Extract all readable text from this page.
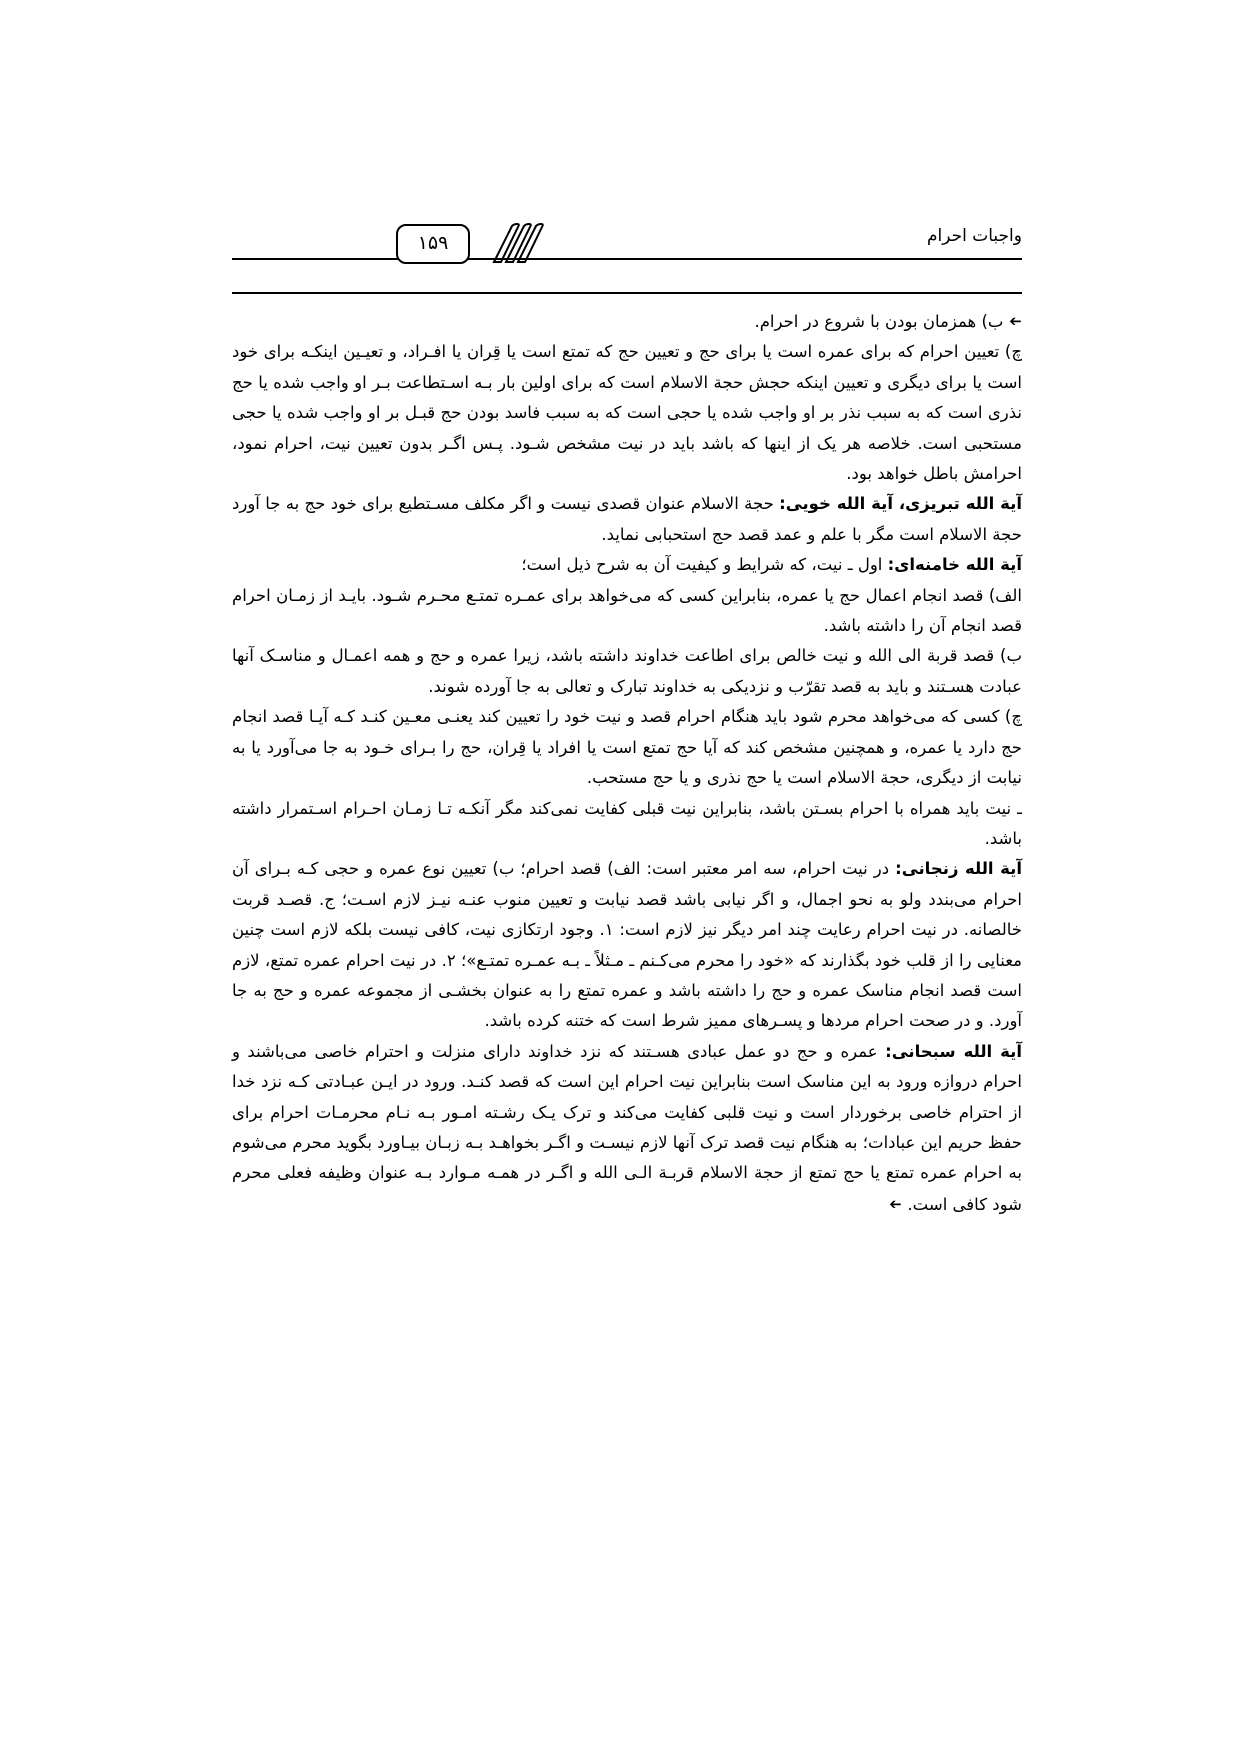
۱۵۹	واجبات احرام

➔ ب) همزمان بودن با شروع در احرام.

چ) تعیین احرام که برای عمره است یا برای حج و تعیین حج که تمتع است یا قِران یا افـراد، و تعیـین اینکـه برای خود است یا برای دیگری و تعیین اینکه حجش حجة الاسلام است که برای اولین بار بـه اسـتطاعت بـر او واجب شده یا حج نذری است که به سبب نذر بر او واجب شده یا حجی است که به سبب فاسد بودن حج قبـل بر او واجب شده یا حجی مستحبی است. خلاصه هر یک از اینها که باشد باید در نیت مشخص شـود. پـس اگـر بدون تعیین نیت، احرام نمود، احرامش باطل خواهد بود.

آیة الله تبریزی، آیة الله خویی: حجة الاسلام عنوان قصدی نیست و اگر مکلف مسـتطیع برای خود حج به جا آورد حجة الاسلام است مگر با علم و عمد قصد حج استحبابی نماید.

آیة الله خامنه‌ای: اول ـ نیت، که شرایط و کیفیت آن به شرح ذیل است؛

الف) قصد انجام اعمال حج یا عمره، بنابراین کسی که می‌خواهد برای عمـره تمتـع محـرم شـود. بایـد از زمـان احرام قصد انجام آن را داشته باشد.

ب) قصد قربة الی الله و نیت خالص برای اطاعت خداوند داشته باشد، زیرا عمره و حج و همه اعمـال و مناسـک آنها عبادت هسـتند و باید به قصد تقرّب و نزدیکی به خداوند تبارک و تعالی به جا آورده شوند.

چ) کسی که می‌خواهد محرم شود باید هنگام احرام قصد و نیت خود را تعیین کند یعنـی معـین کنـد کـه آیـا قصد انجام حج دارد یا عمره، و همچنین مشخص کند که آیا حج تمتع است یا افراد یا قِران، حج را بـرای خـود به جا می‌آورد یا به نیابت از دیگری، حجة الاسلام است یا حج نذری و یا حج مستحب.

ـ نیت باید همراه با احرام بسـتن باشد، بنابراین نیت قبلی کفایت نمی‌کند مگر آنکـه تـا زمـان احـرام اسـتمرار داشته باشد.

آیة الله زنجانی: در نیت احرام، سه امر معتبر است: الف) قصد احرام؛ ب) تعیین نوع عمره و حجی کـه بـرای آن احرام می‌بندد ولو به نحو اجمال، و اگر نیابی باشد قصد نیابت و تعیین منوب عنـه نیـز لازم اسـت؛ ج. قصـد قربت خالصانه. در نیت احرام رعایت چند امر دیگر نیز لازم است: ۱. وجود ارتکازی نیت، کافی نیست بلکه لازم است چنین معنایی را از قلب خود بگذارند که «خود را محرم می‌کـنم ـ مـثلاً ـ بـه عمـره تمتـع»؛ ۲. در نیت احرام عمره تمتع، لازم است قصد انجام مناسک عمره و حج را داشته باشد و عمره تمتع را به عنوان بخشـی از مجموعه عمره و حج به جا آورد. و در صحت احرام مردها و پسـرهای ممیز شرط است که ختنه کرده باشد.

آیة الله سبحانی: عمره و حج دو عمل عبادی هسـتند که نزد خداوند دارای منزلت و احترام خاصی می‌باشند و احرام دروازه ورود به این مناسک است بنابراین نیت احرام این است که قصد کنـد. ورود در ایـن عبـادتی کـه نزد خدا از احترام خاصی برخوردار است و نیت قلبی کفایت می‌کند و ترک یـک رشـته امـور بـه نـام محرمـات احرام برای حفظ حریم این عبادات؛ به هنگام نیت قصد ترک آنها لازم نیسـت و اگـر بخواهـد بـه زبـان بیـاورد بگوید محرم می‌شوم به احرام عمره تمتع یا حج تمتع از حجة الاسلام قربـة الـی الله و اگـر در همـه مـوارد بـه عنوان وظیفه فعلی محرم شود کافی است. ➔
